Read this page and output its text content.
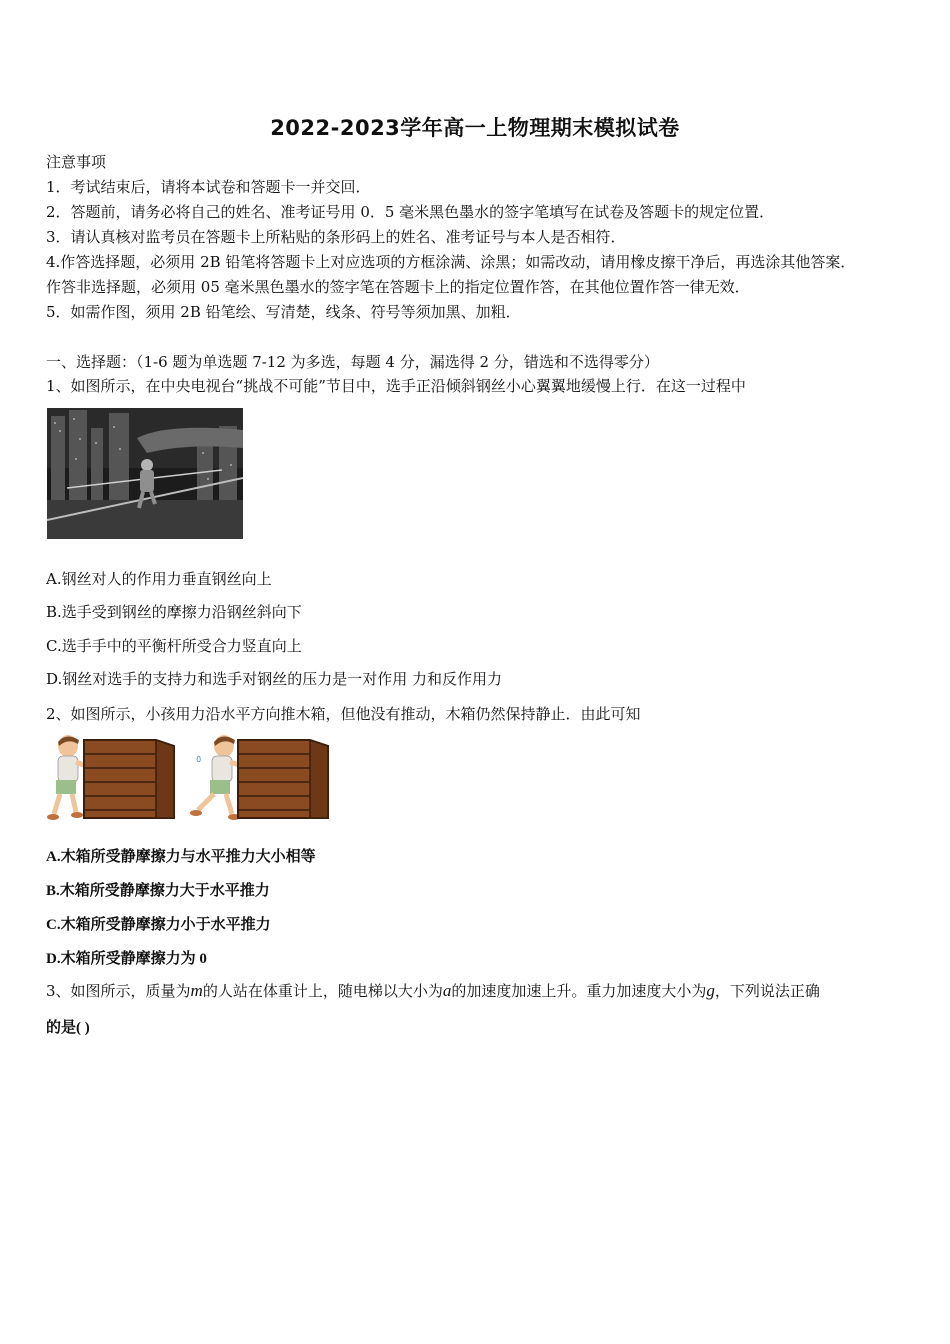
2022-2023学年高一上物理期末模拟试卷
注意事项
1．考试结束后，请将本试卷和答题卡一并交回．
2．答题前，请务必将自己的姓名、准考证号用 0．5 毫米黑色墨水的签字笔填写在试卷及答题卡的规定位置．
3．请认真核对监考员在答题卡上所粘贴的条形码上的姓名、准考证号与本人是否相符．
4.作答选择题，必须用 2B 铅笔将答题卡上对应选项的方框涂满、涂黑；如需改动，请用橡皮擦干净后，再选涂其他答案．
作答非选择题，必须用 05 毫米黑色墨水的签字笔在答题卡上的指定位置作答，在其他位置作答一律无效．
5．如需作图，须用 2B 铅笔绘、写清楚，线条、符号等须加黑、加粗．
一、选择题：（1-6 题为单选题 7-12 为多选，每题 4 分，漏选得 2 分，错选和不选得零分）
1、如图所示，在中央电视台“挑战不可能”节目中，选手正沿倾斜钢丝小心翼翼地缓慢上行．在这一过程中
A.钢丝对人的作用力垂直钢丝向上
B.选手受到钢丝的摩擦力沿钢丝斜向下
C.选手手中的平衡杆所受合力竖直向上
D.钢丝对选手的支持力和选手对钢丝的压力是一对作用 力和反作用力
2、如图所示，小孩用力沿水平方向推木箱，但他没有推动，木箱仍然保持静止．由此可知
٥
A.木箱所受静摩擦力与水平推力大小相等
B.木箱所受静摩擦力大于水平推力
C.木箱所受静摩擦力小于水平推力
D.木箱所受静摩擦力为 0
3、如图所示，质量为m的人站在体重计上，随电梯以大小为a的加速度加速上升。重力加速度大小为g，下列说法正确
的是( )
